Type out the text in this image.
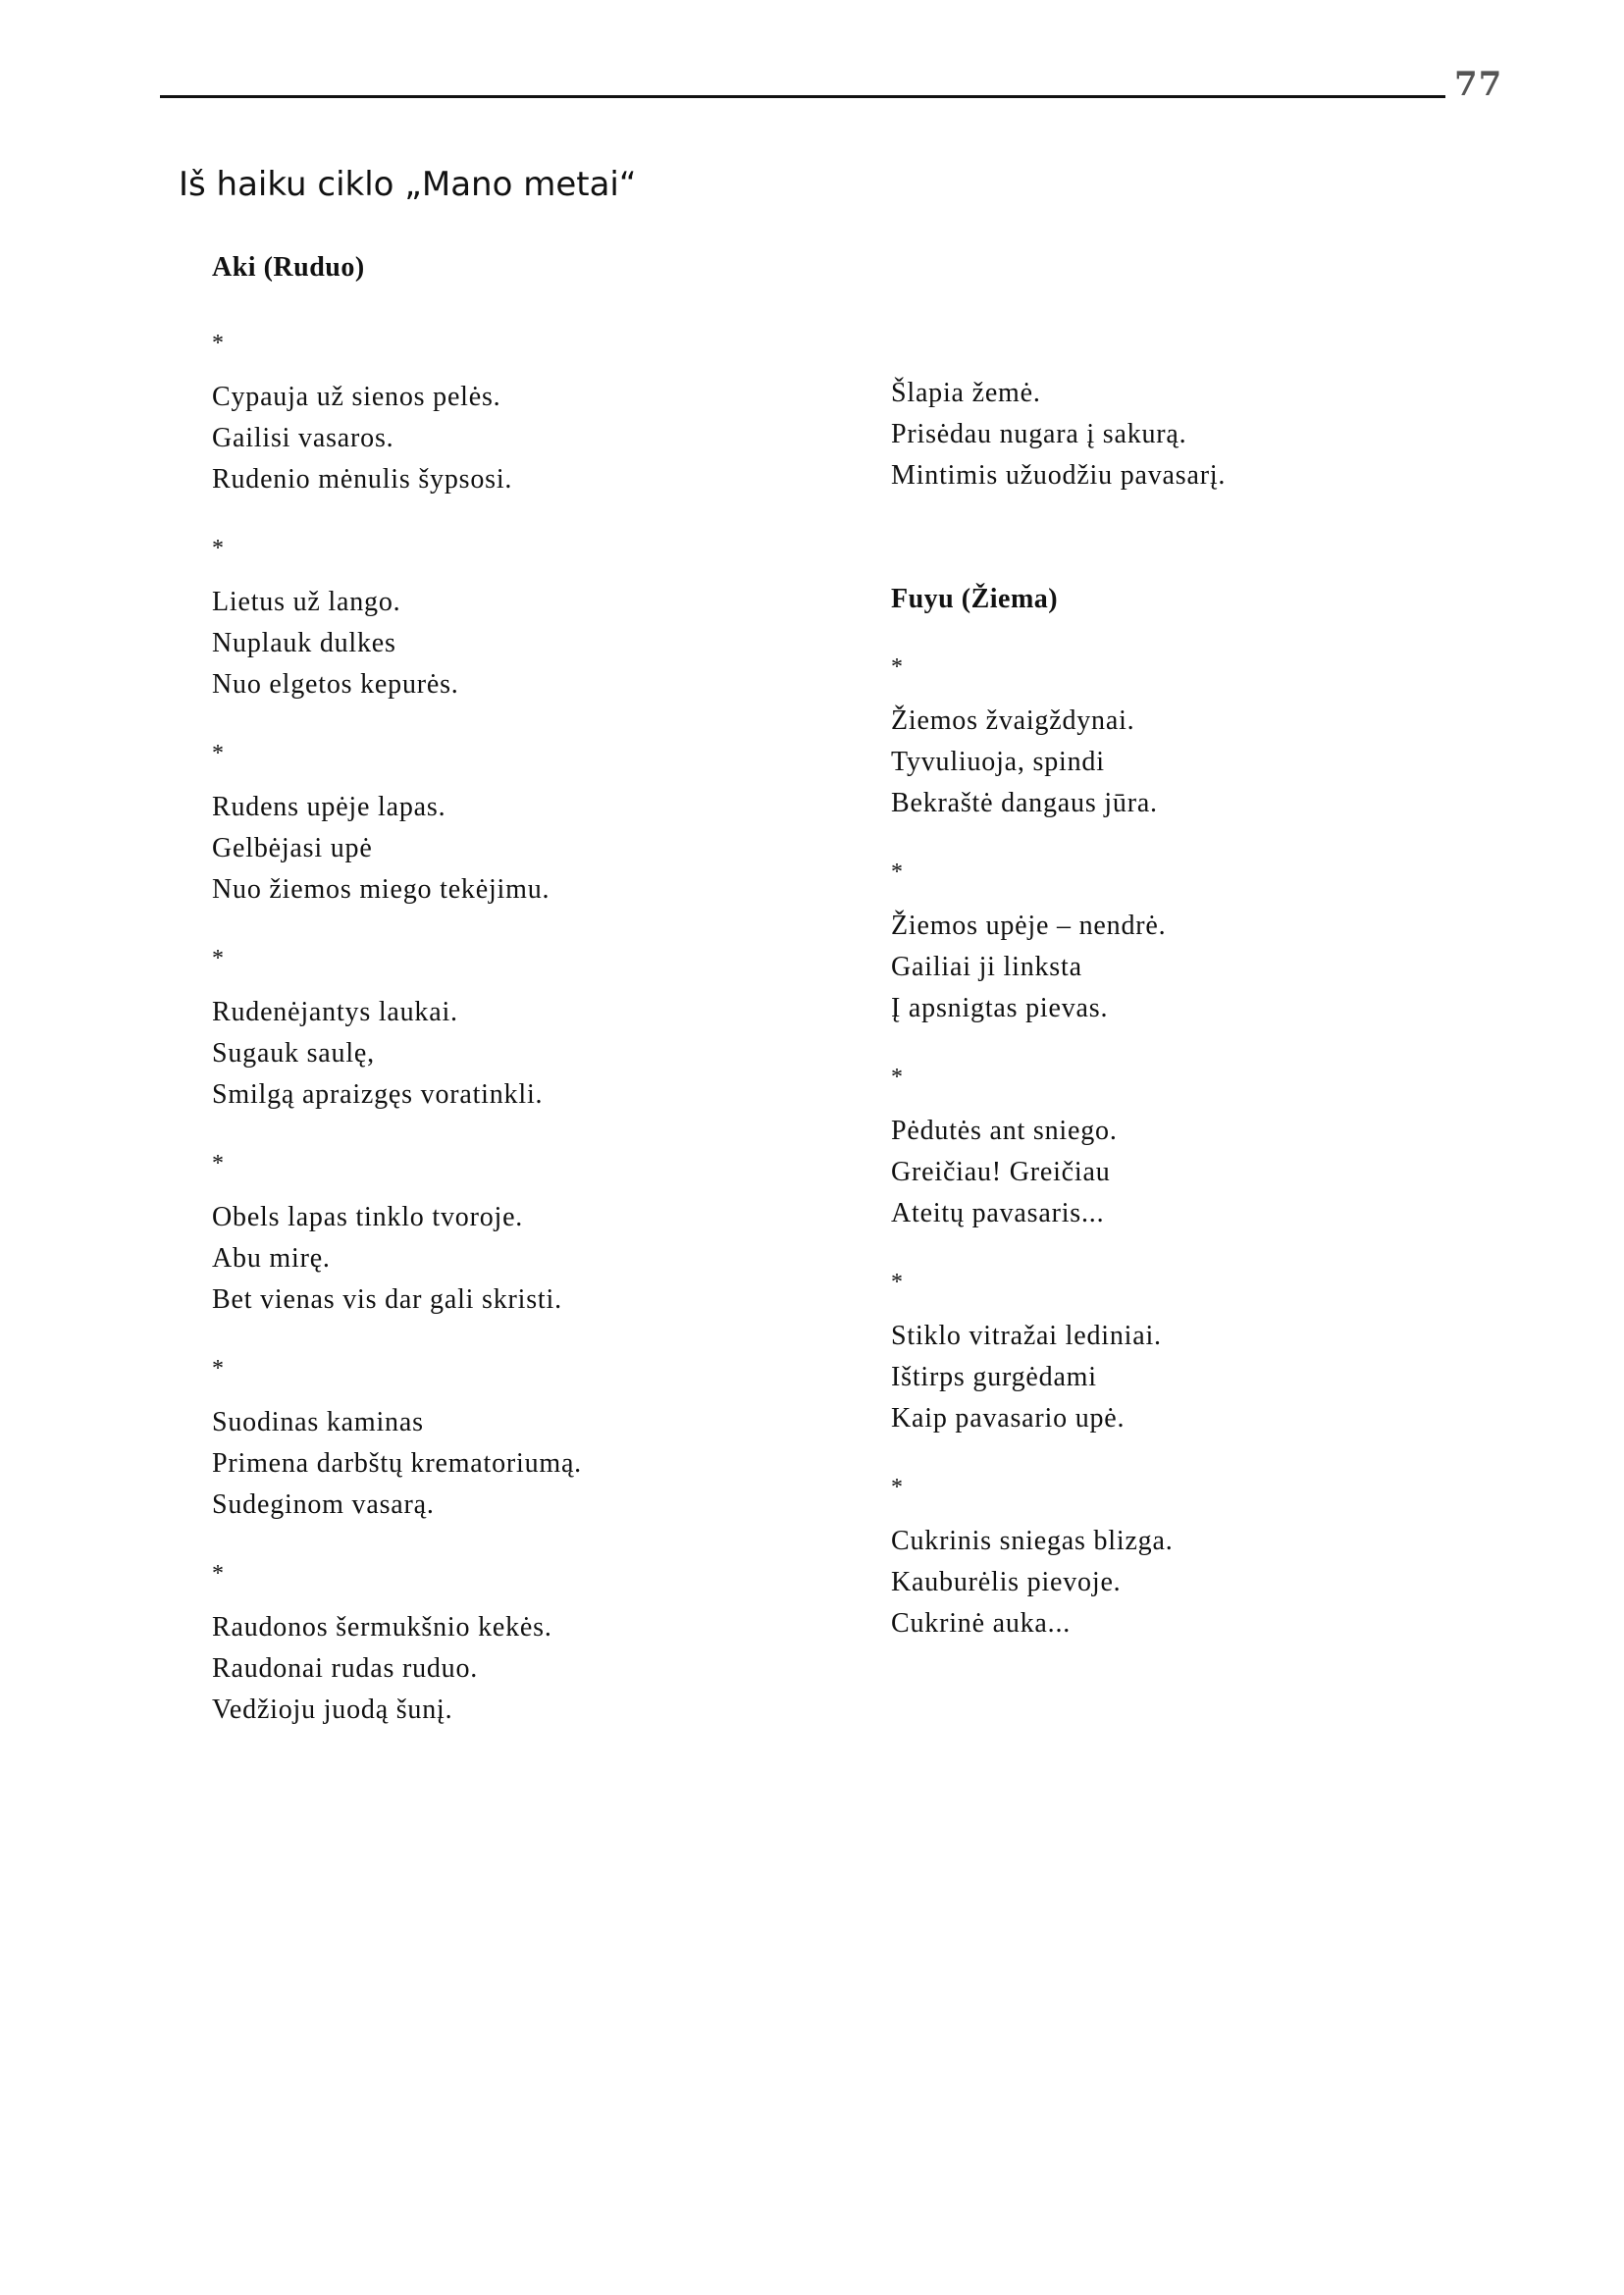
77
Iš haiku ciklo „Mano metai“
Aki (Ruduo)
*
Cypauja už sienos pelės.
Gailisi vasaros.
Rudenio mėnulis šypsosi.
*
Lietus už lango.
Nuplauk dulkes
Nuo elgetos kepurės.
*
Rudens upėje lapas.
Gelbėjasi upė
Nuo žiemos miego tekėjimu.
*
Rudenėjantys laukai.
Sugauk saulę,
Smilgą apraizgęs voratinkli.
*
Obels lapas tinklo tvoroje.
Abu mirę.
Bet vienas vis dar gali skristi.
*
Suodinas kaminas
Primena darbštų krematoriumą.
Sudeginom vasarą.
*
Raudonos šermukšnio kekės.
Raudonai rudas ruduo.
Vedžioju juodą šunį.
Šlapia žemė.
Prisėdau nugara į sakurą.
Mintimis užuodžiu pavasarį.
Fuyu (Žiema)
*
Žiemos žvaigždynai.
Tyvuliuoja, spindi
Bekraštė dangaus jūra.
*
Žiemos upėje – nendrė.
Gailiai ji linksta
Į apsnigtas pievas.
*
Pėdutės ant sniego.
Greičiau! Greičiau
Ateitų pavasaris...
*
Stiklo vitražai lediniai.
Ištirps gurgėdami
Kaip pavasario upė.
*
Cukrinis sniegas blizga.
Kauburėlis pievoje.
Cukrinė auka...
